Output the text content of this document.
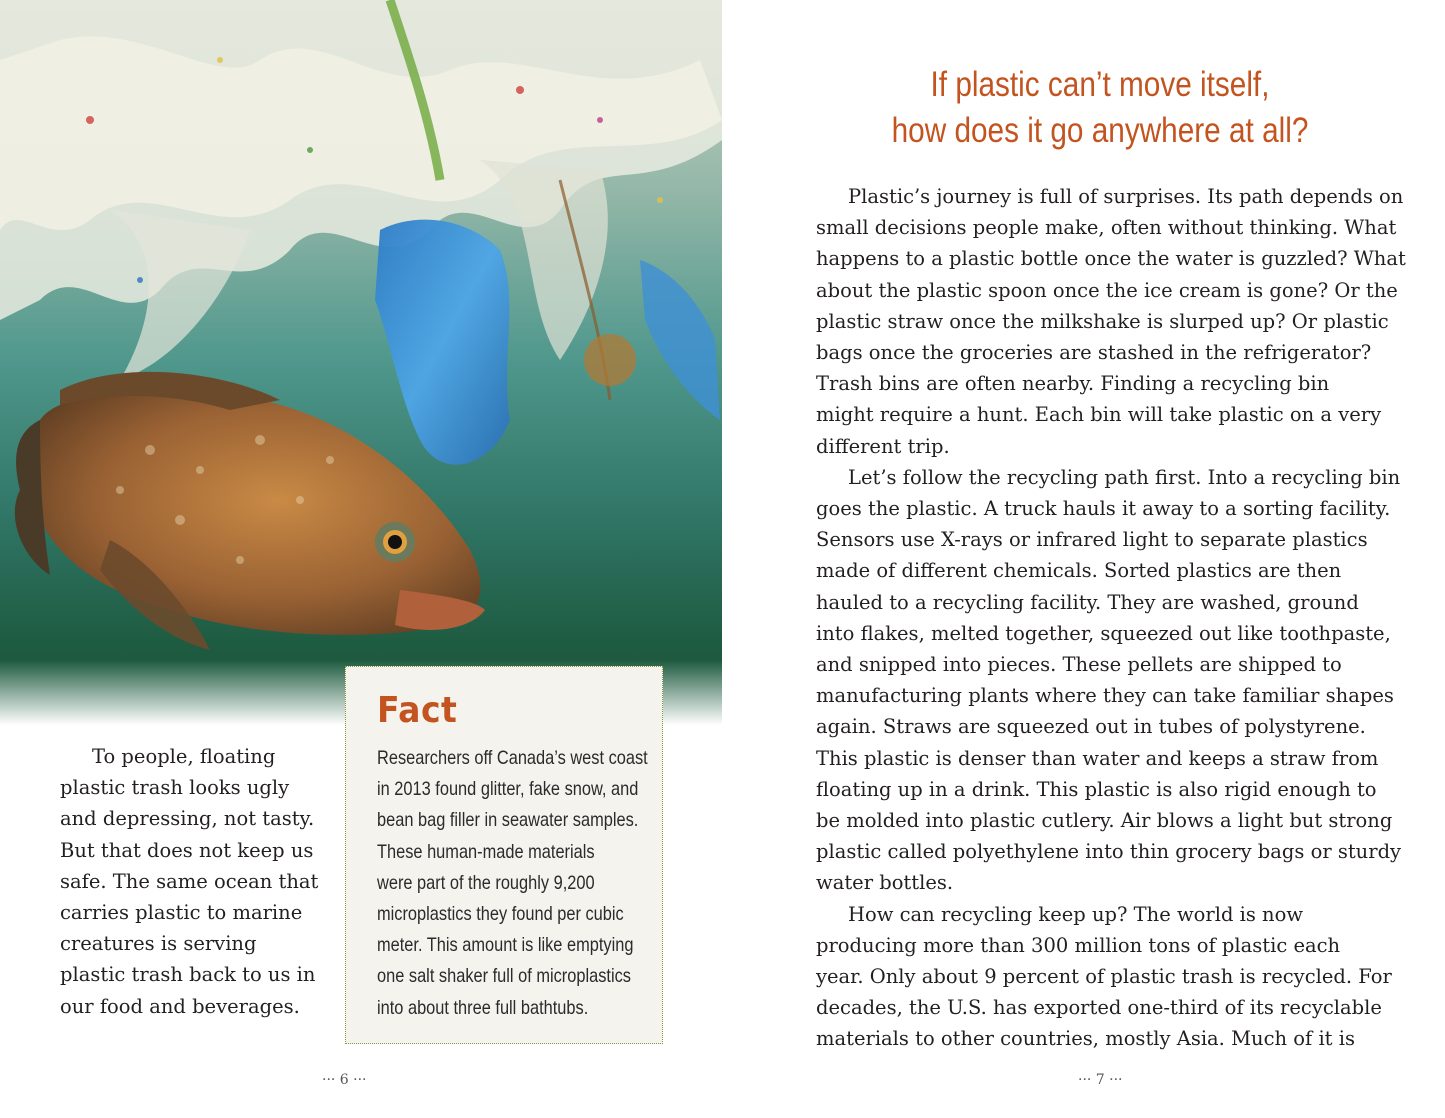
To people, floating
plastic trash looks ugly
and depressing, not tasty.
But that does not keep us
safe. The same ocean that
carries plastic to marine
creatures is serving
plastic trash back to us in
our food and beverages.
Fact
Researchers off Canada’s west coast
in 2013 found glitter, fake snow, and
bean bag filler in seawater samples.
These human-made materials
were part of the roughly 9,200
microplastics they found per cubic
meter. This amount is like emptying
one salt shaker full of microplastics
into about three full bathtubs.
··· 6 ···
If plastic can’t move itself,
how does it go anywhere at all?
Plastic’s journey is full of surprises. Its path depends on
small decisions people make, often without thinking. What
happens to a plastic bottle once the water is guzzled? What
about the plastic spoon once the ice cream is gone? Or the
plastic straw once the milkshake is slurped up? Or plastic
bags once the groceries are stashed in the refrigerator?
Trash bins are often nearby. Finding a recycling bin
might require a hunt. Each bin will take plastic on a very
different trip.
Let’s follow the recycling path first. Into a recycling bin
goes the plastic. A truck hauls it away to a sorting facility.
Sensors use X-rays or infrared light to separate plastics
made of different chemicals. Sorted plastics are then
hauled to a recycling facility. They are washed, ground
into flakes, melted together, squeezed out like toothpaste,
and snipped into pieces. These pellets are shipped to
manufacturing plants where they can take familiar shapes
again. Straws are squeezed out in tubes of polystyrene.
This plastic is denser than water and keeps a straw from
floating up in a drink. This plastic is also rigid enough to
be molded into plastic cutlery. Air blows a light but strong
plastic called polyethylene into thin grocery bags or sturdy
water bottles.
How can recycling keep up? The world is now
producing more than 300 million tons of plastic each
year. Only about 9 percent of plastic trash is recycled. For
decades, the U.S. has exported one-third of its recyclable
materials to other countries, mostly Asia. Much of it is
··· 7 ···
